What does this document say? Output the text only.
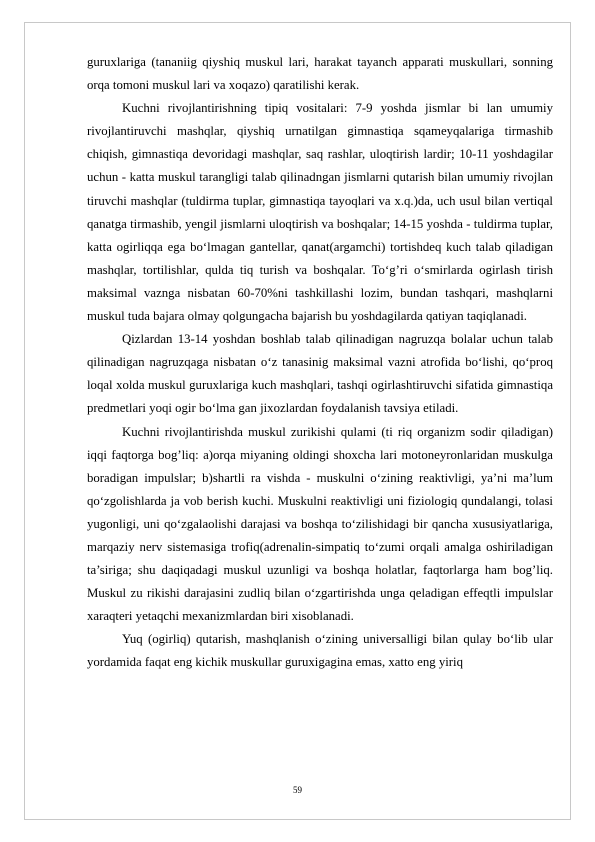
guruxlariga (tananiig qiyshiq muskul lari, harakat tayanch apparati muskullari, sonning orqa tomoni muskul lari va xoqazo) qaratilishi kerak.

Kuchni rivojlantirishning tipiq vositalari: 7-9 yoshda jismlar bi lan umumiy rivojlantiruvchi mashqlar, qiyshiq urnatilgan gimnastiqa sqameyqalariga tirmashib chiqish, gimnastiqa devoridagi mashqlar, saq rashlar, uloqtirish lardir; 10-11 yoshdagilar uchun - katta muskul tarangligi talab qilinadngan jismlarni qutarish bilan umumiy rivojlan tiruvchi mashqlar (tuldirma tuplar, gimnastiqa tayoqlari va x.q.)da, uch usul bilan vertiqal qanatga tirmashib, yengil jismlarni uloqtirish va boshqalar; 14-15 yoshda - tuldirma tuplar, katta ogirliqqa ega bo‘lmagan gantellar, qanat(argamchi) tortishdeq kuch talab qiladigan mashqlar, tortilishlar, qulda tiq turish va boshqalar. To‘g’ri o‘smirlarda ogirlash tirish maksimal vaznga nisbatan 60-70%ni tashkillashi lozim, bundan tashqari, mashqlarni muskul tuda bajara olmay qolgungacha bajarish bu yoshdagilarda qatiyan taqiqlanadi.

Qizlardan 13-14 yoshdan boshlab talab qilinadigan nagruzqa bolalar uchun talab qilinadigan nagruzqaga nisbatan o‘z tanasinig maksimal vazni atrofida bo‘lishi, qo‘proq loqal xolda muskul guruxlariga kuch mashqlari, tashqi ogirlashtiruvchi sifatida gimnastiqa predmetlari yoqi ogir bo‘lma gan jixozlardan foydalanish tavsiya etiladi.

Kuchni rivojlantirishda muskul zurikishi qulami (ti riq organizm sodir qiladigan) iqqi faqtorga bog’liq: a)orqa miyaning oldingi shoxcha lari motoneyronlaridan muskulga boradigan impulslar; b)shartli ra vishda - muskulni o‘zining reaktivligi, ya’ni ma’lum qo‘zgolishlarda ja vob berish kuchi. Muskulni reaktivligi uni fiziologiq qundalangi, tolasi yugonligi, uni qo‘zgalaolishi darajasi va boshqa to‘zilishidagi bir qancha xususiyatlariga, marqaziy nerv sistemasiga trofiq(adrenalin-simpatiq to‘zumi orqali amalga oshiriladigan ta’siriga; shu daqiqadagi muskul uzunligi va boshqa holatlar, faqtorlarga ham bog’liq. Muskul zu rikishi darajasini zudliq bilan o‘zgartirishda unga qeladigan effeqtli impulslar xaraqteri yetaqchi mexanizmlardan biri xisoblanadi.

Yuq (ogirliq) qutarish, mashqlanish o‘zining universalligi bilan qulay bo‘lib ular yordamida faqat eng kichik muskullar guruxigagina emas, xatto eng yiriq

59
